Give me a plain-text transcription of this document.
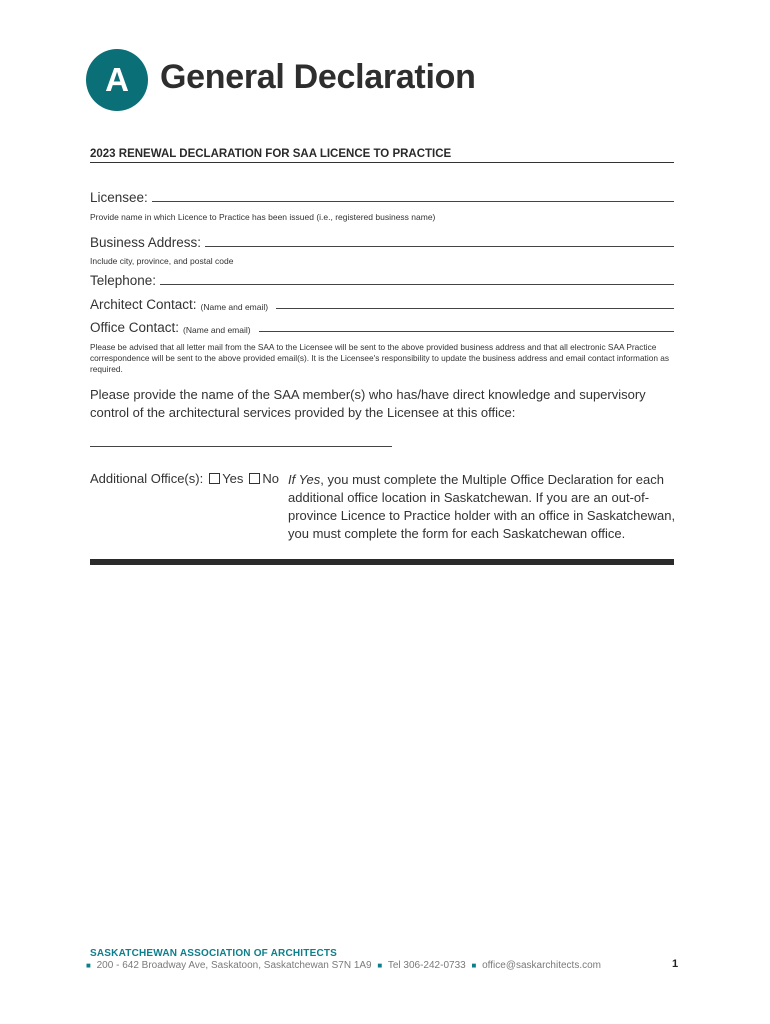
A General Declaration
2023 RENEWAL DECLARATION FOR SAA LICENCE TO PRACTICE
Licensee:
Provide name in which Licence to Practice has been issued (i.e., registered business name)
Business Address:
Include city, province, and postal code
Telephone:
Architect Contact: (Name and email)
Office Contact: (Name and email)
Please be advised that all letter mail from the SAA to the Licensee will be sent to the above provided business address and that all electronic SAA Practice correspondence will be sent to the above provided email(s). It is the Licensee's responsibility to update the business address and email contact information as required.
Please provide the name of the SAA member(s) who has/have direct knowledge and supervisory control of the architectural services provided by the Licensee at this office:
Additional Office(s): Yes No If Yes, you must complete the Multiple Office Declaration for each additional office location in Saskatchewan. If you are an out-of-province Licence to Practice holder with an office in Saskatchewan, you must complete the form for each Saskatchewan office.
SASKATCHEWAN ASSOCIATION OF ARCHITECTS
■ 200 - 642 Broadway Ave, Saskatoon, Saskatchewan S7N 1A9 ■ Tel 306-242-0733 ■ office@saskarchitects.com	1
